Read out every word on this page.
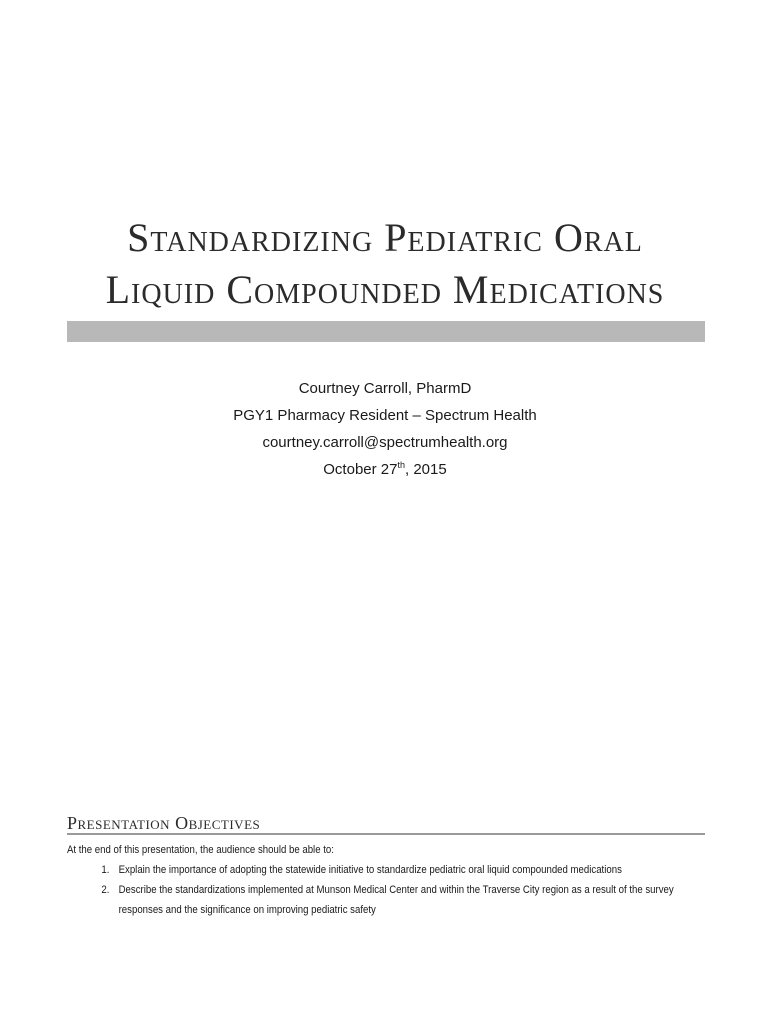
Standardizing Pediatric Oral
Liquid Compounded Medications
Courtney Carroll, PharmD
PGY1 Pharmacy Resident – Spectrum Health
courtney.carroll@spectrumhealth.org
October 27th, 2015
Presentation Objectives
At the end of this presentation, the audience should be able to:
1. Explain the importance of adopting the statewide initiative to standardize pediatric oral liquid compounded medications
2. Describe the standardizations implemented at Munson Medical Center and within the Traverse City region as a result of the survey responses and the significance on improving pediatric safety
